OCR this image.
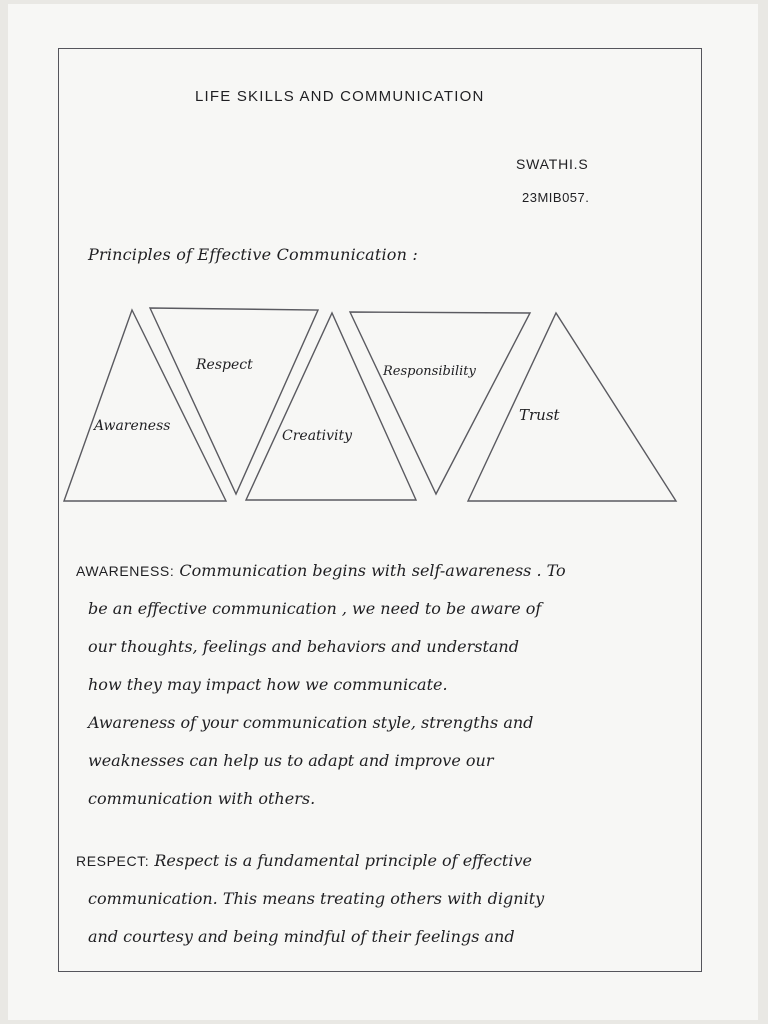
LIFE SKILLS AND COMMUNICATION
SWATHI.S
23MIB057.
Principles of Effective Communication :
Awareness
Respect
Creativity
Responsibility
Trust
AWARENESS: Communication begins with self-awareness . To
be an effective communication , we need to be aware of
our thoughts, feelings and behaviors and understand
how they may impact how we communicate.
Awareness of your communication style, strengths and
weaknesses can help us to adapt and improve our
communication with others.
RESPECT: Respect is a fundamental principle of effective
communication. This means treating others with dignity
and courtesy and being mindful of their feelings and
